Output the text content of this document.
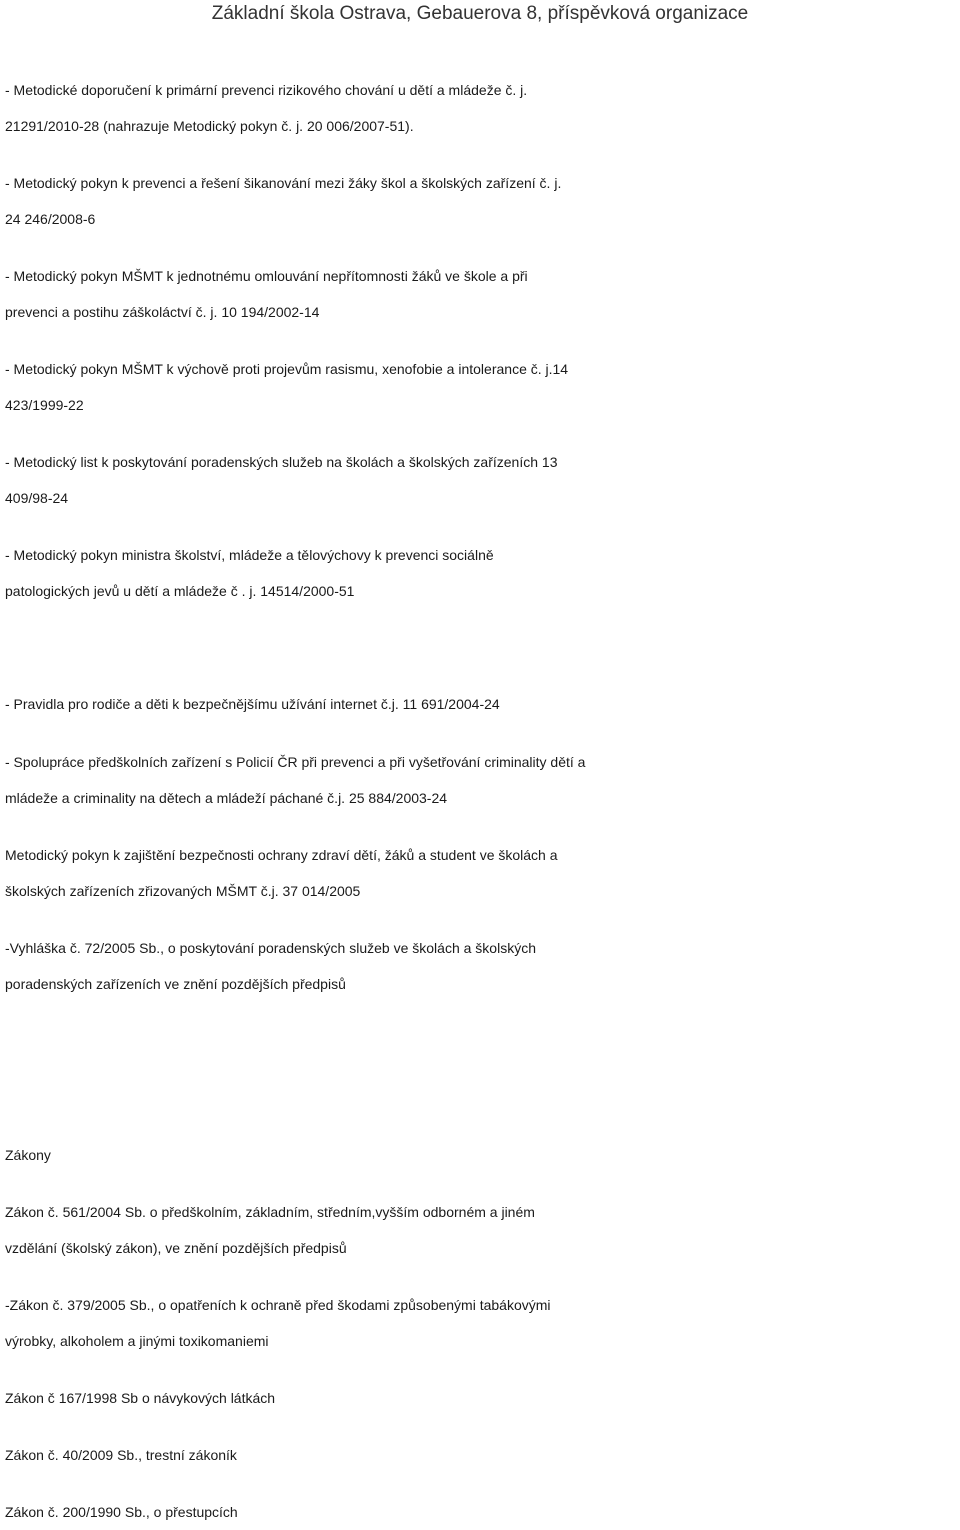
Základní škola Ostrava, Gebauerova 8, příspěvková organizace
- Metodické doporučení k primární prevenci rizikového chování u dětí a mládeže č. j.
21291/2010-28 (nahrazuje Metodický pokyn č. j. 20 006/2007-51).
- Metodický pokyn k prevenci a řešení šikanování mezi žáky škol a školských zařízení č. j.
24 246/2008-6
- Metodický pokyn MŠMT k jednotnému omlouvání nepřítomnosti žáků ve škole a při
prevenci a postihu záškoláctví č. j. 10 194/2002-14
- Metodický pokyn MŠMT k výchově proti projevům rasismu, xenofobie a intolerance č. j.14
423/1999-22
- Metodický list k poskytování poradenských služeb na školách a školských zařízeních 13
409/98-24
- Metodický pokyn ministra školství, mládeže a tělovýchovy k prevenci sociálně
patologických jevů u dětí a mládeže č . j. 14514/2000-51
- Pravidla pro rodiče a děti k bezpečnějšímu užívání internet č.j. 11 691/2004-24
- Spolupráce předškolních zařízení s Policií ČR při prevenci a při vyšetřování criminality dětí a
mládeže a criminality na dětech a mládeží páchané č.j. 25 884/2003-24
Metodický pokyn k zajištění bezpečnosti ochrany zdraví dětí, žáků a student ve školách a
školských zařízeních zřizovaných MŠMT č.j. 37 014/2005
-Vyhláška č. 72/2005 Sb., o poskytování poradenských služeb ve školách a školských
poradenských zařízeních ve znění pozdějších předpisů
Zákony
Zákon č. 561/2004 Sb. o předškolním, základním, středním,vyšším odborném a jiném
vzdělání (školský zákon), ve znění pozdějších předpisů
-Zákon č. 379/2005 Sb., o opatřeních k ochraně před škodami způsobenými tabákovými
výrobky, alkoholem a jinými toxikomaniemi
Zákon č 167/1998 Sb o návykových látkách
Zákon č. 40/2009 Sb., trestní zákoník
Zákon č. 200/1990 Sb., o přestupcích
